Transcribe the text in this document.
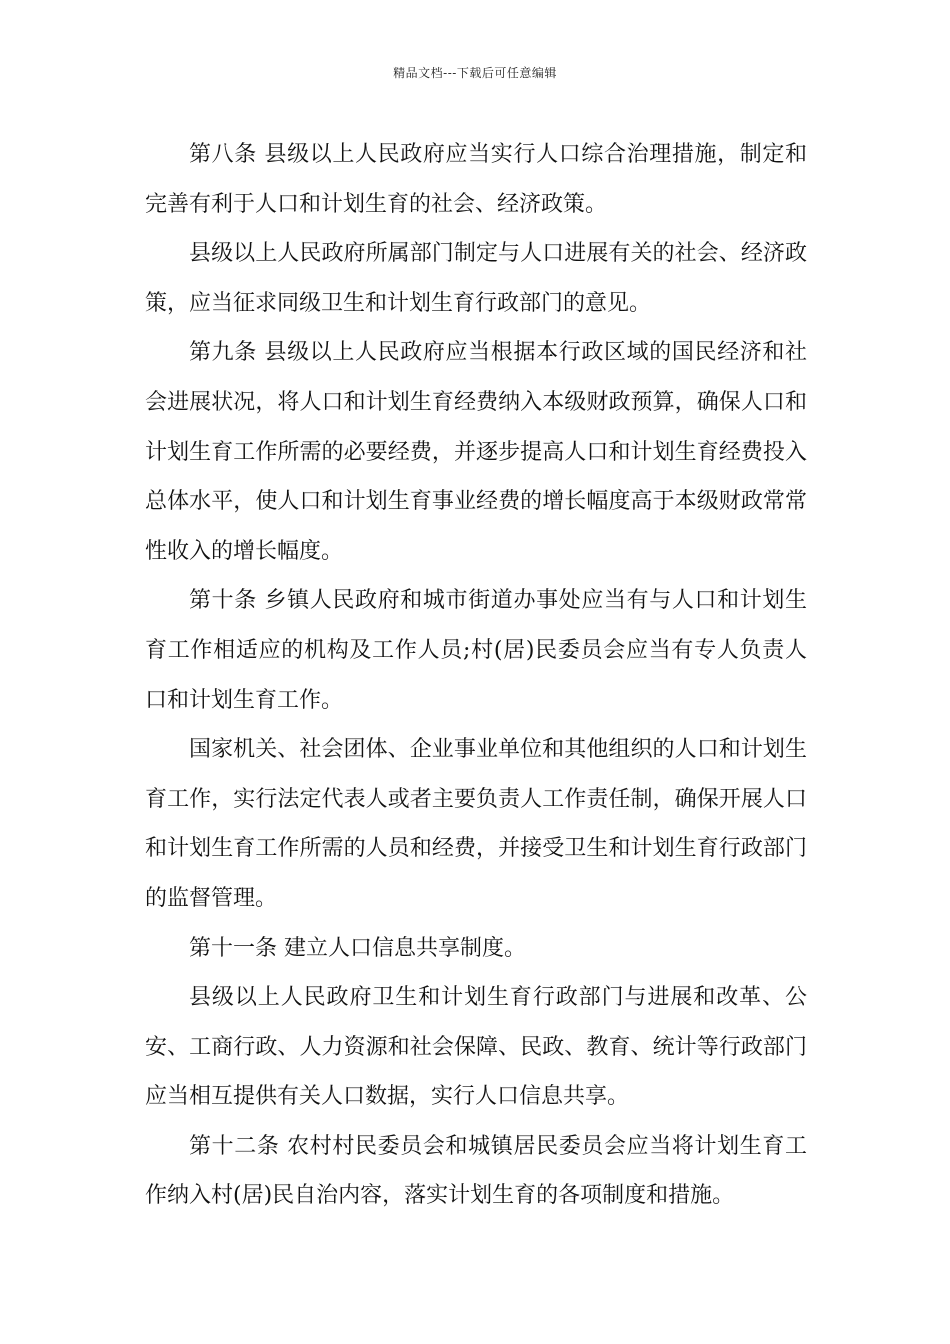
精品文档---下载后可任意编辑

第八条 县级以上人民政府应当实行人口综合治理措施，制定和完善有利于人口和计划生育的社会、经济政策。

县级以上人民政府所属部门制定与人口进展有关的社会、经济政策，应当征求同级卫生和计划生育行政部门的意见。

第九条 县级以上人民政府应当根据本行政区域的国民经济和社会进展状况，将人口和计划生育经费纳入本级财政预算，确保人口和计划生育工作所需的必要经费，并逐步提高人口和计划生育经费投入总体水平，使人口和计划生育事业经费的增长幅度高于本级财政常常性收入的增长幅度。

第十条 乡镇人民政府和城市街道办事处应当有与人口和计划生育工作相适应的机构及工作人员;村(居)民委员会应当有专人负责人口和计划生育工作。

国家机关、社会团体、企业事业单位和其他组织的人口和计划生育工作，实行法定代表人或者主要负责人工作责任制，确保开展人口和计划生育工作所需的人员和经费，并接受卫生和计划生育行政部门的监督管理。

第十一条 建立人口信息共享制度。

县级以上人民政府卫生和计划生育行政部门与进展和改革、公安、工商行政、人力资源和社会保障、民政、教育、统计等行政部门应当相互提供有关人口数据，实行人口信息共享。

第十二条 农村村民委员会和城镇居民委员会应当将计划生育工作纳入村(居)民自治内容，落实计划生育的各项制度和措施。
